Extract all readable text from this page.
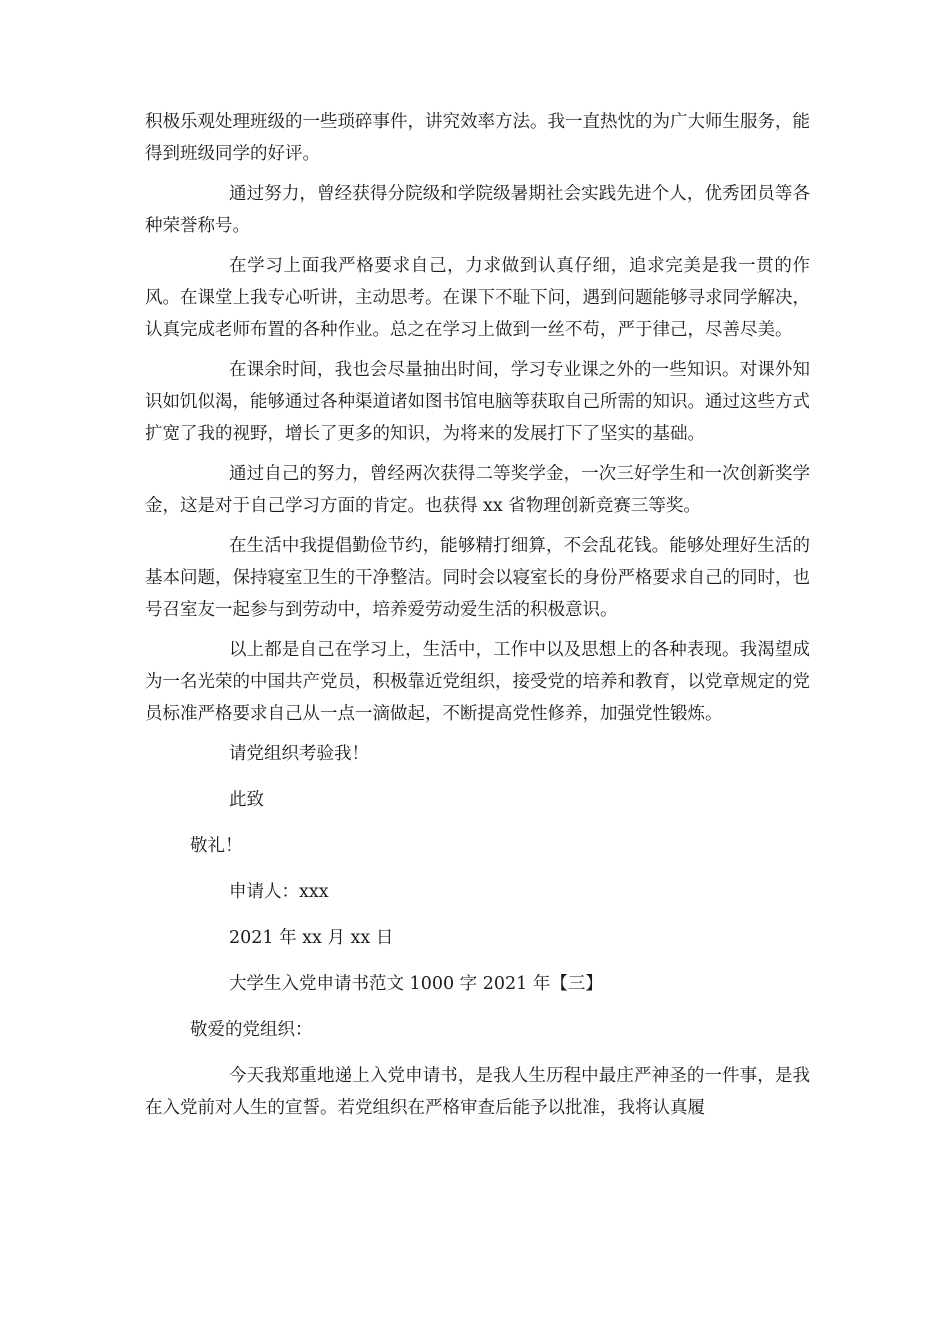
积极乐观处理班级的一些琐碎事件，讲究效率方法。我一直热忱的为广大师生服务，能得到班级同学的好评。

通过努力，曾经获得分院级和学院级暑期社会实践先进个人，优秀团员等各种荣誉称号。

在学习上面我严格要求自己，力求做到认真仔细，追求完美是我一贯的作风。在课堂上我专心听讲，主动思考。在课下不耻下问，遇到问题能够寻求同学解决，认真完成老师布置的各种作业。总之在学习上做到一丝不苟，严于律己，尽善尽美。

在课余时间，我也会尽量抽出时间，学习专业课之外的一些知识。对课外知识如饥似渴，能够通过各种渠道诸如图书馆电脑等获取自己所需的知识。通过这些方式扩宽了我的视野，增长了更多的知识，为将来的发展打下了坚实的基础。

通过自己的努力，曾经两次获得二等奖学金，一次三好学生和一次创新奖学金，这是对于自己学习方面的肯定。也获得 xx 省物理创新竞赛三等奖。

在生活中我提倡勤俭节约，能够精打细算，不会乱花钱。能够处理好生活的基本问题，保持寝室卫生的干净整洁。同时会以寝室长的身份严格要求自己的同时，也号召室友一起参与到劳动中，培养爱劳动爱生活的积极意识。

以上都是自己在学习上，生活中，工作中以及思想上的各种表现。我渴望成为一名光荣的中国共产党员，积极靠近党组织，接受党的培养和教育，以党章规定的党员标准严格要求自己从一点一滴做起，不断提高党性修养，加强党性锻炼。

请党组织考验我！
此致
敬礼！
申请人：xxx
2021 年 xx 月 xx 日
大学生入党申请书范文 1000 字 2021 年【三】
敬爱的党组织：

今天我郑重地递上入党申请书，是我人生历程中最庄严神圣的一件事，是我在入党前对人生的宣誓。若党组织在严格审查后能予以批准，我将认真履
